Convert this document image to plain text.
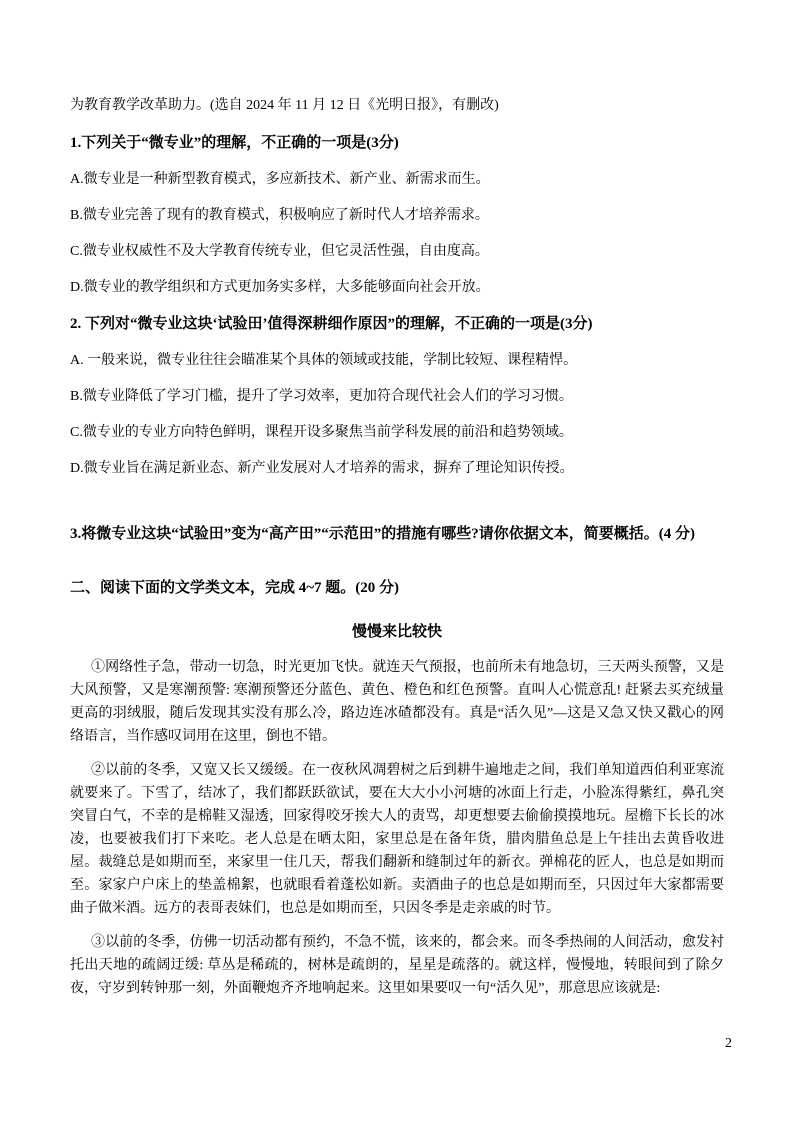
为教育教学改革助力。(选自 2024 年 11 月 12 日《光明日报》，有删改)

1.下列关于“微专业”的理解，不正确的一项是(3分)

A.微专业是一种新型教育模式，多应新技术、新产业、新需求而生。

B.微专业完善了现有的教育模式，积极响应了新时代人才培养需求。

C.微专业权威性不及大学教育传统专业，但它灵活性强，自由度高。

D.微专业的教学组织和方式更加务实多样，大多能够面向社会开放。

2. 下列对“微专业这块‘试验田’值得深耕细作原因”的理解，不正确的一项是(3分)

A. 一般来说，微专业往往会瞄准某个具体的领域或技能，学制比较短、课程精悍。

B.微专业降低了学习门槛，提升了学习效率，更加符合现代社会人们的学习习惯。

C.微专业的专业方向特色鲜明，课程开设多聚焦当前学科发展的前沿和趋势领域。

D.微专业旨在满足新业态、新产业发展对人才培养的需求，摒弃了理论知识传授。

3.将微专业这块“试验田”变为“高产田”“示范田”的措施有哪些?请你依据文本，简要概括。(4 分)

二、阅读下面的文学类文本，完成 4~7 题。(20 分)

慢慢来比较快

①网络性子急，带动一切急，时光更加飞快。就连天气预报，也前所未有地急切，三天两头预警，又是大风预警，又是寒潮预警: 寒潮预警还分蓝色、黄色、橙色和红色预警。直叫人心慌意乱! 赶紧去买充绒量更高的羽绒服，随后发现其实没有那么冷，路边连冰碴都没有。真是“活久见”—这是又急又快又戳心的网络语言，当作感叹词用在这里，倒也不错。

②以前的冬季，又宽又长又缓缓。在一夜秋风凋碧树之后到耕牛遍地走之间，我们单知道西伯利亚寒流就要来了。下雪了，结冰了，我们都跃跃欲试，要在大大小小河塘的冰面上行走，小脸冻得紫红，鼻孔突突冒白气，不幸的是棉鞋又湿透，回家得咬牙挨大人的责骂，却更想要去偷偷摸摸地玩。屋檐下长长的冰凌，也要被我们打下来吃。老人总是在晒太阳，家里总是在备年货，腊肉腊鱼总是上午挂出去黄昏收进屋。裁缝总是如期而至，来家里一住几天，帮我们翻新和缝制过年的新衣。弹棉花的匠人，也总是如期而至。家家户户床上的垫盖棉絮，也就眼看着蓬松如新。卖酒曲子的也总是如期而至，只因过年大家都需要曲子做米酒。远方的表哥表妹们，也总是如期而至，只因冬季是走亲戚的时节。

③以前的冬季，仿佛一切活动都有预约，不急不慌，该来的，都会来。而冬季热闹的人间活动，愈发衬托出天地的疏阔迂缓: 草丛是稀疏的，树林是疏朗的，星星是疏落的。就这样，慢慢地，转眼间到了除夕夜，守岁到转钟那一刻，外面鞭炮齐齐地响起来。这里如果要叹一句“活久见”，那意思应该就是:

2
